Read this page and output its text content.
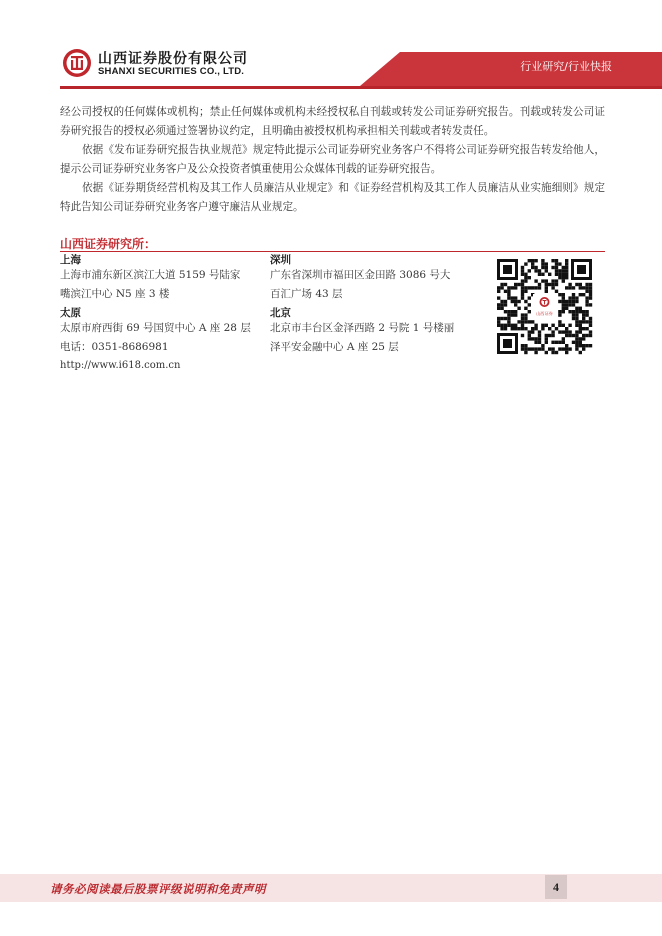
山西证券股份有限公司
SHANXI SECURITIES CO., LTD.	行业研究/行业快报

经公司授权的任何媒体或机构；禁止任何媒体或机构未经授权私自刊载或转发公司证券研究报告。刊载或转发公司证券研究报告的授权必须通过签署协议约定，且明确由被授权机构承担相关刊载或者转发责任。

依据《发布证券研究报告执业规范》规定特此提示公司证券研究业务客户不得将公司证券研究报告转发给他人，提示公司证券研究业务客户及公众投资者慎重使用公众媒体刊载的证券研究报告。

依据《证券期货经营机构及其工作人员廉洁从业规定》和《证券经营机构及其工作人员廉洁从业实施细则》规定特此告知公司证券研究业务客户遵守廉洁从业规定。

山西证券研究所：
上海

上海市浦东新区滨江大道 5159 号陆家

嘴滨江中心 N5 座 3 楼

太原

太原市府西街 69 号国贸中心 A 座 28 层

电话：0351-8686981

http://www.i618.com.cn

深圳

广东省深圳市福田区金田路 3086 号大

百汇广场 43 层

北京

北京市丰台区金泽西路 2 号院 1 号楼丽

泽平安金融中心 A 座 25 层

山西证券
请务必阅读最后股票评级说明和免责声明	4
